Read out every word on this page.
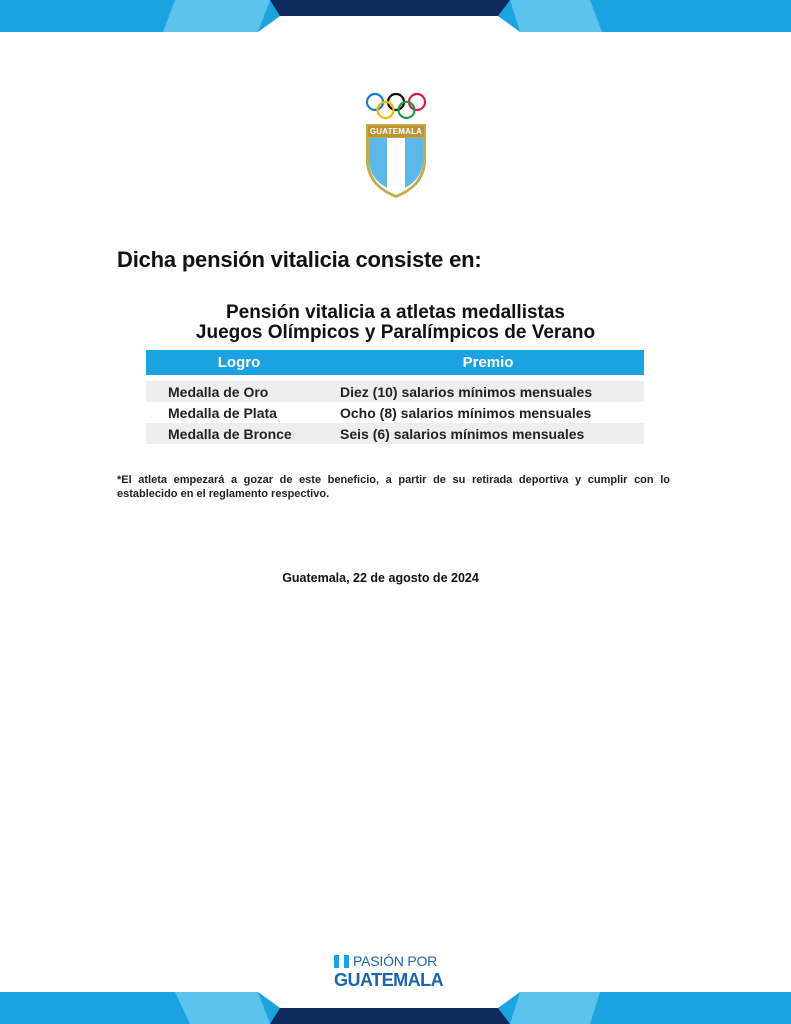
GUATEMALA
Dicha pensión vitalicia consiste en:
Pensión vitalicia a atletas medallistas
Juegos Olímpicos y Paralímpicos de Verano
Logro	Premio
Medalla de Oro	Diez (10) salarios mínimos mensuales
Medalla de Plata	Ocho (8) salarios mínimos mensuales
Medalla de Bronce	Seis (6) salarios mínimos mensuales

*El atleta empezará a gozar de este beneficio, a partir de su retirada deportiva y cumplir con lo establecido en el reglamento respectivo.

Guatemala, 22 de agosto de 2024
PASIÓN POR
GUATEMALA
